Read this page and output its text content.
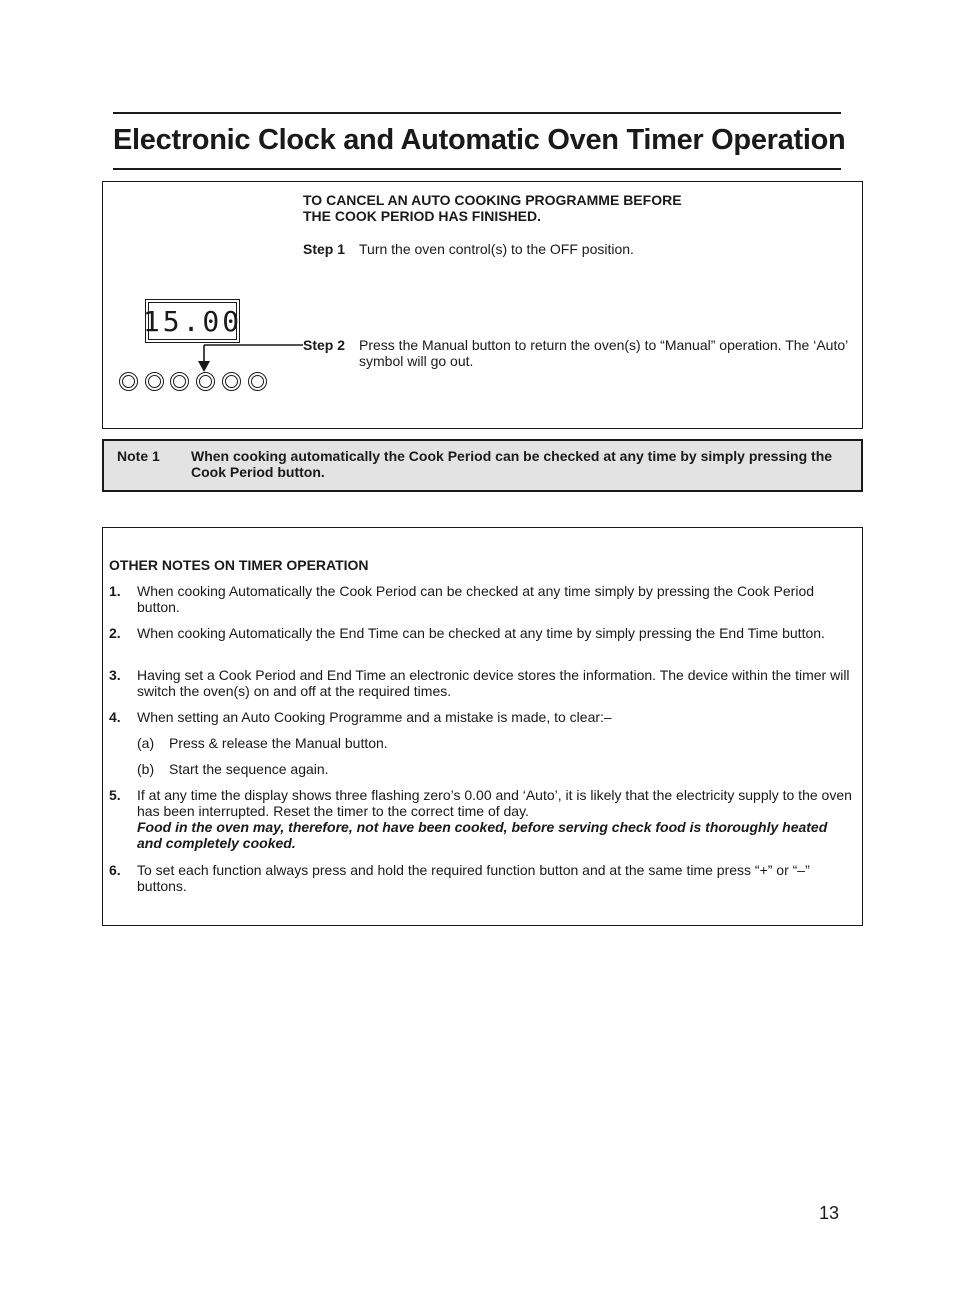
Electronic Clock and Automatic Oven Timer Operation
TO CANCEL AN AUTO COOKING PROGRAMME BEFORE
THE COOK PERIOD HAS FINISHED.
Step 1 Turn the oven control(s) to the OFF position.
15.00
Step 2 Press the Manual button to return the oven(s) to “Manual” operation. The ‘Auto’ symbol will go out.
Note 1 When cooking automatically the Cook Period can be checked at any time by simply pressing the Cook Period button.
OTHER NOTES ON TIMER OPERATION
1. When cooking Automatically the Cook Period can be checked at any time simply by pressing the Cook Period button.
2. When cooking Automatically the End Time can be checked at any time by simply pressing the End Time button.
3. Having set a Cook Period and End Time an electronic device stores the information. The device within the timer will switch the oven(s) on and off at the required times.
4. When setting an Auto Cooking Programme and a mistake is made, to clear:–
(a) Press & release the Manual button.
(b) Start the sequence again.
5. If at any time the display shows three flashing zero’s 0.00 and ‘Auto’, it is likely that the electricity supply to the oven has been interrupted. Reset the timer to the correct time of day.
Food in the oven may, therefore, not have been cooked, before serving check food is thoroughly heated and completely cooked.
6. To set each function always press and hold the required function button and at the same time press “+” or “–” buttons.
13
